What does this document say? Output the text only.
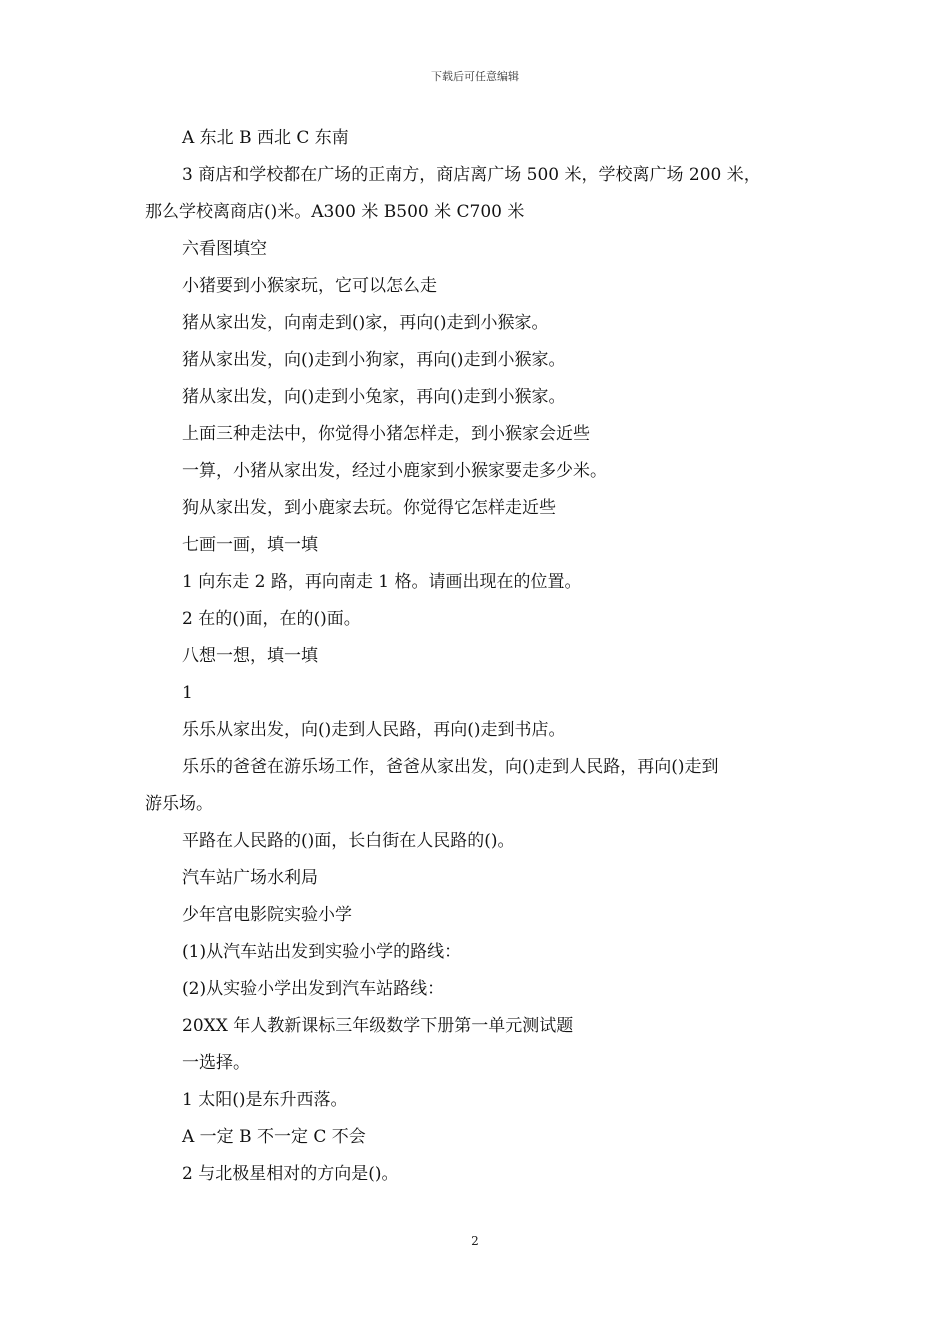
下载后可任意编辑
A 东北 B 西北 C 东南
3 商店和学校都在广场的正南方，商店离广场 500 米，学校离广场 200 米，
那么学校离商店()米。A300 米 B500 米 C700 米
六看图填空
小猪要到小猴家玩，它可以怎么走
猪从家出发，向南走到()家，再向()走到小猴家。
猪从家出发，向()走到小狗家，再向()走到小猴家。
猪从家出发，向()走到小兔家，再向()走到小猴家。
上面三种走法中，你觉得小猪怎样走，到小猴家会近些
一算，小猪从家出发，经过小鹿家到小猴家要走多少米。
狗从家出发，到小鹿家去玩。你觉得它怎样走近些
七画一画，填一填
1 向东走 2 路，再向南走 1 格。请画出现在的位置。
2 在的()面，在的()面。
八想一想，填一填
1
乐乐从家出发，向()走到人民路，再向()走到书店。
乐乐的爸爸在游乐场工作，爸爸从家出发，向()走到人民路，再向()走到
游乐场。
平路在人民路的()面，长白街在人民路的()。
汽车站广场水利局
少年宫电影院实验小学
(1)从汽车站出发到实验小学的路线：
(2)从实验小学出发到汽车站路线：
20XX 年人教新课标三年级数学下册第一单元测试题
一选择。
1 太阳()是东升西落。
A 一定 B 不一定 C 不会
2 与北极星相对的方向是()。
2
